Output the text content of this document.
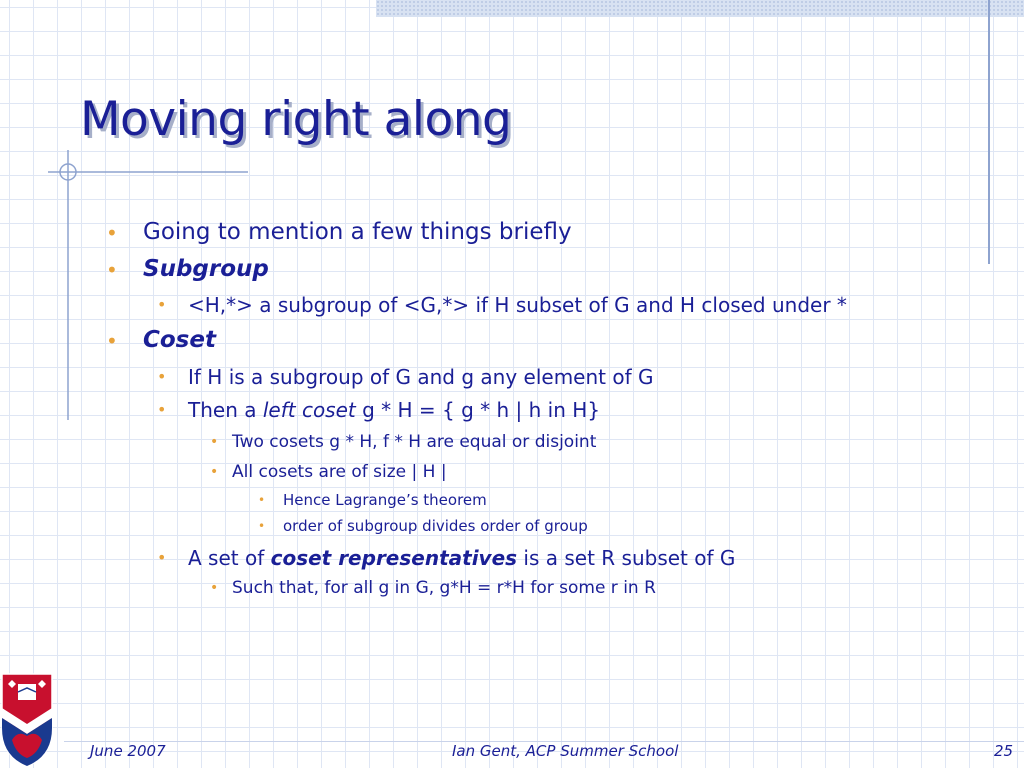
Moving right along
• Going to mention a few things briefly
• Subgroup
• <H,*> a subgroup of <G,*> if H subset of G and H closed under *
• Coset
• If H is a subgroup of G and g any element of G
• Then a left coset g * H = { g * h | h in H}
• Two cosets g * H, f * H are equal or disjoint
• All cosets are of size | H |
• Hence Lagrange’s theorem
• order of subgroup divides order of group
• A set of coset representatives is a set R subset of G
• Such that, for all g in G, g*H = r*H for some r in R
June 2007	Ian Gent, ACP Summer School	25
